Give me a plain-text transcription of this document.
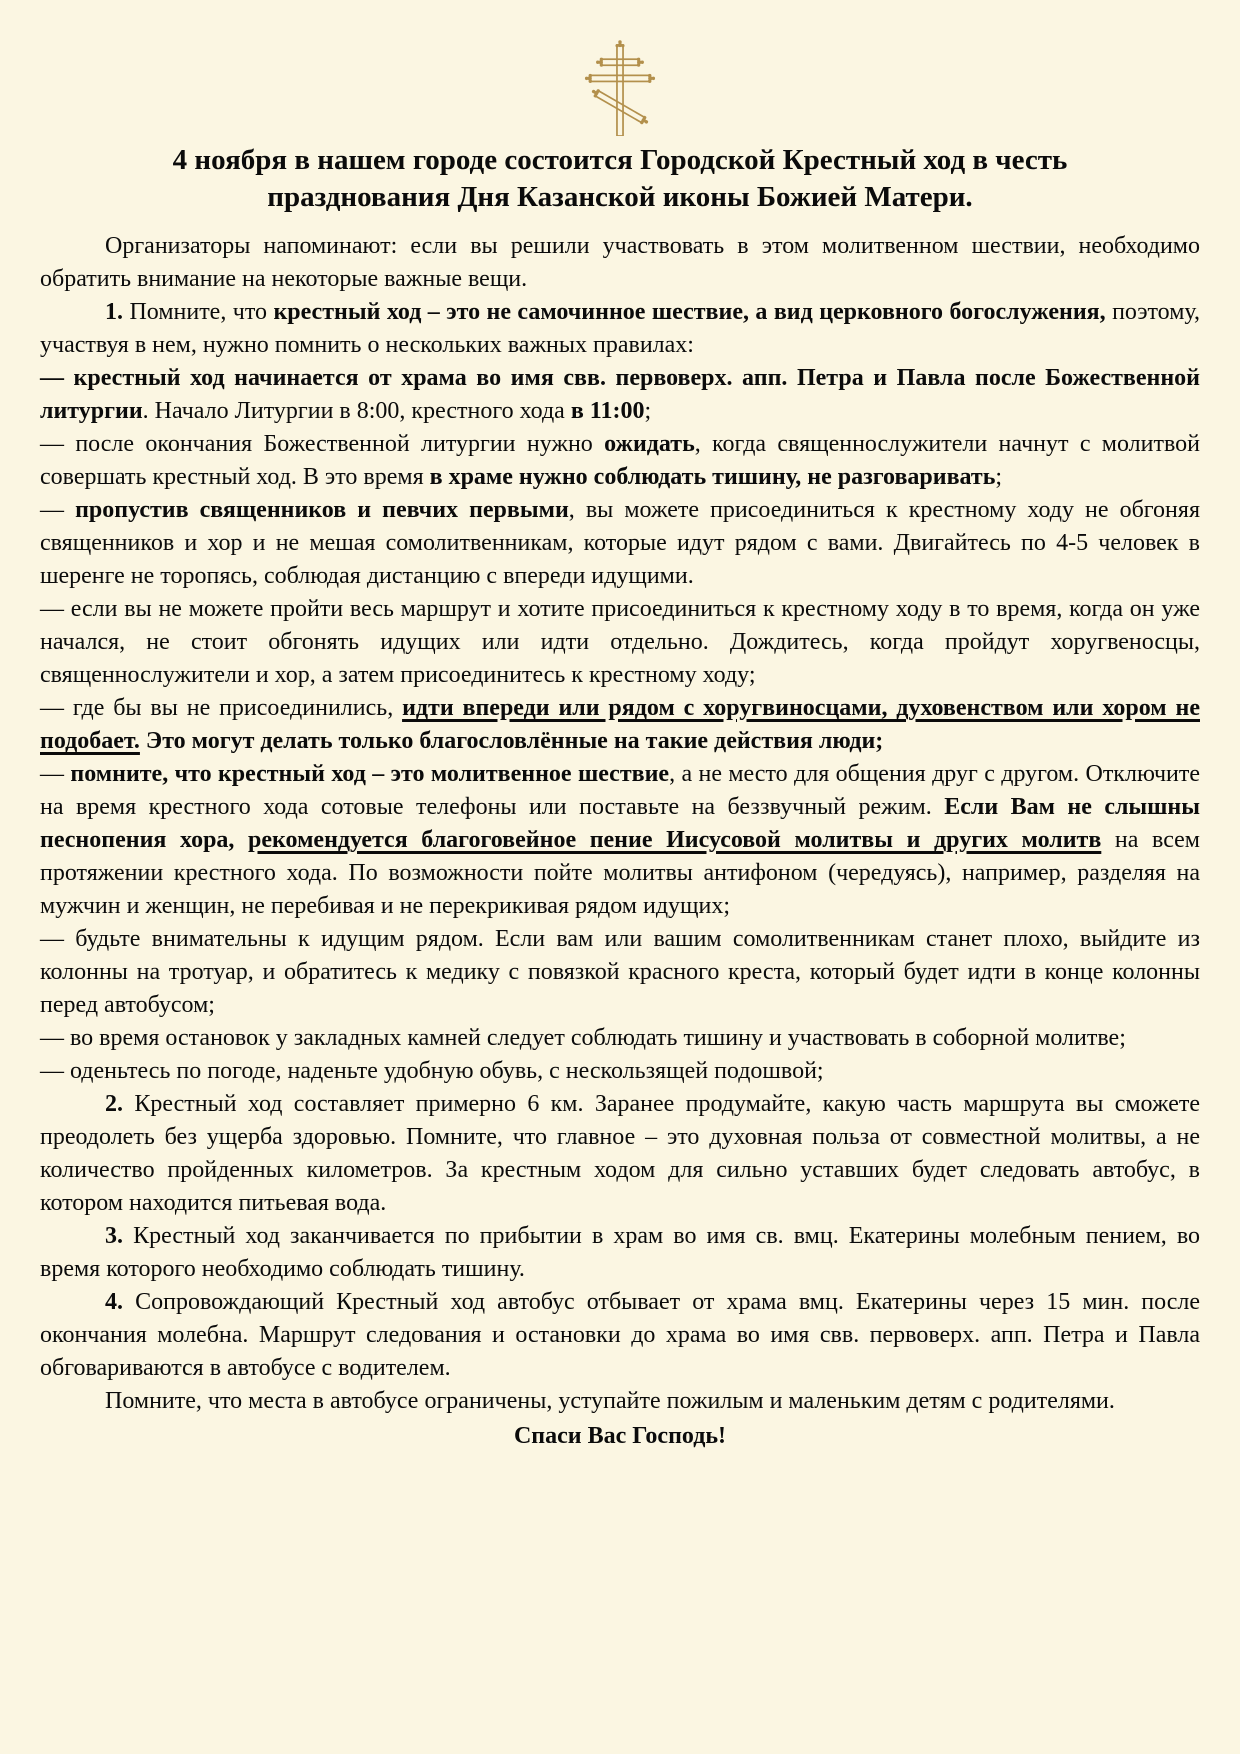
4 ноября в нашем городе состоится Городской Крестный ход в честь празднования Дня Казанской иконы Божией Матери.

Организаторы напоминают: если вы решили участвовать в этом молитвенном шествии, необходимо обратить внимание на некоторые важные вещи.

1. Помните, что крестный ход – это не самочинное шествие, а вид церковного богослужения, поэтому, участвуя в нем, нужно помнить о нескольких важных правилах:

— крестный ход начинается от храма во имя свв. первоверх. апп. Петра и Павла после Божественной литургии. Начало Литургии в 8:00, крестного хода в 11:00;

— после окончания Божественной литургии нужно ожидать, когда священнослужители начнут с молитвой совершать крестный ход. В это время в храме нужно соблюдать тишину, не разговаривать;

— пропустив священников и певчих первыми, вы можете присоединиться к крестному ходу не обгоняя священников и хор и не мешая сомолитвенникам, которые идут рядом с вами. Двигайтесь по 4-5 человек в шеренге не торопясь, соблюдая дистанцию с впереди идущими.

— если вы не можете пройти весь маршрут и хотите присоединиться к крестному ходу в то время, когда он уже начался, не стоит обгонять идущих или идти отдельно. Дождитесь, когда пройдут хоругвеносцы, священнослужители и хор, а затем присоединитесь к крестному ходу;

— где бы вы не присоединились, идти впереди или рядом с хоругвиносцами, духовенством или хором не подобает. Это могут делать только благословлённые на такие действия люди;

— помните, что крестный ход – это молитвенное шествие, а не место для общения друг с другом. Отключите на время крестного хода сотовые телефоны или поставьте на беззвучный режим. Если Вам не слышны песнопения хора, рекомендуется благоговейное пение Иисусовой молитвы и других молитв на всем протяжении крестного хода. По возможности пойте молитвы антифоном (чередуясь), например, разделяя на мужчин и женщин, не перебивая и не перекрикивая рядом идущих;

— будьте внимательны к идущим рядом. Если вам или вашим сомолитвенникам станет плохо, выйдите из колонны на тротуар, и обратитесь к медику с повязкой красного креста, который будет идти в конце колонны перед автобусом;

— во время остановок у закладных камней следует соблюдать тишину и участвовать в соборной молитве;

— оденьтесь по погоде, наденьте удобную обувь, с нескользящей подошвой;

2. Крестный ход составляет примерно 6 км. Заранее продумайте, какую часть маршрута вы сможете преодолеть без ущерба здоровью. Помните, что главное – это духовная польза от совместной молитвы, а не количество пройденных километров. За крестным ходом для сильно уставших будет следовать автобус, в котором находится питьевая вода.

3. Крестный ход заканчивается по прибытии в храм во имя св. вмц. Екатерины молебным пением, во время которого необходимо соблюдать тишину.

4. Сопровождающий Крестный ход автобус отбывает от храма вмц. Екатерины через 15 мин. после окончания молебна. Маршрут следования и остановки до храма во имя свв. первоверх. апп. Петра и Павла обговариваются в автобусе с водителем.

Помните, что места в автобусе ограничены, уступайте пожилым и маленьким детям с родителями.

Спаси Вас Господь!
